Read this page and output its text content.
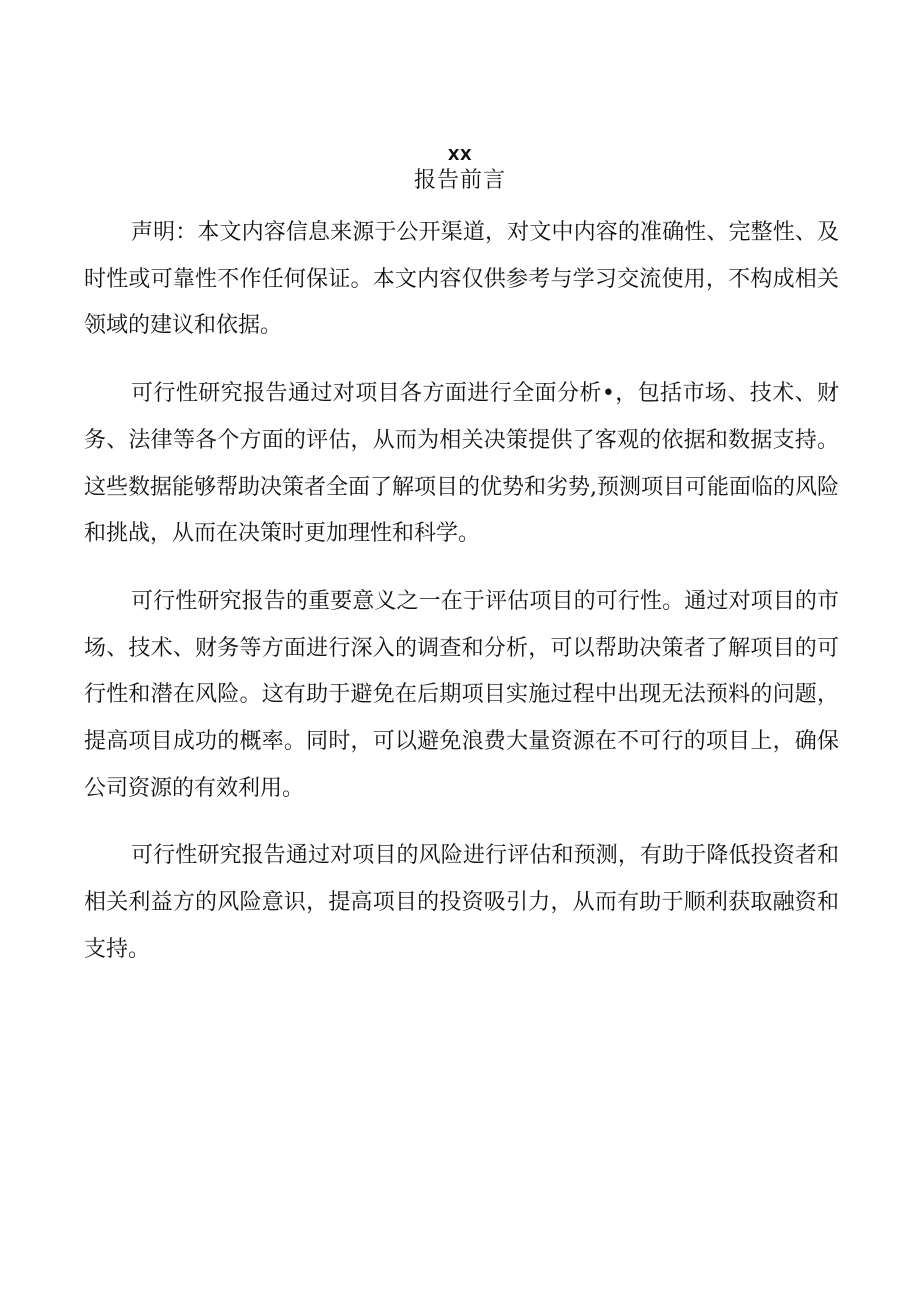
XX
报告前言

声明：本文内容信息来源于公开渠道，对文中内容的准确性、完整性、及时性或可靠性不作任何保证。本文内容仅供参考与学习交流使用，不构成相关领域的建议和依据。

可行性研究报告通过对项目各方面进行全面分析•，包括市场、技术、财务、法律等各个方面的评估，从而为相关决策提供了客观的依据和数据支持。这些数据能够帮助决策者全面了解项目的优势和劣势,预测项目可能面临的风险和挑战，从而在决策时更加理性和科学。

可行性研究报告的重要意义之一在于评估项目的可行性。通过对项目的市场、技术、财务等方面进行深入的调查和分析，可以帮助决策者了解项目的可行性和潜在风险。这有助于避免在后期项目实施过程中出现无法预料的问题，提高项目成功的概率。同时，可以避免浪费大量资源在不可行的项目上，确保公司资源的有效利用。

可行性研究报告通过对项目的风险进行评估和预测，有助于降低投资者和相关利益方的风险意识，提高项目的投资吸引力，从而有助于顺利获取融资和支持。
